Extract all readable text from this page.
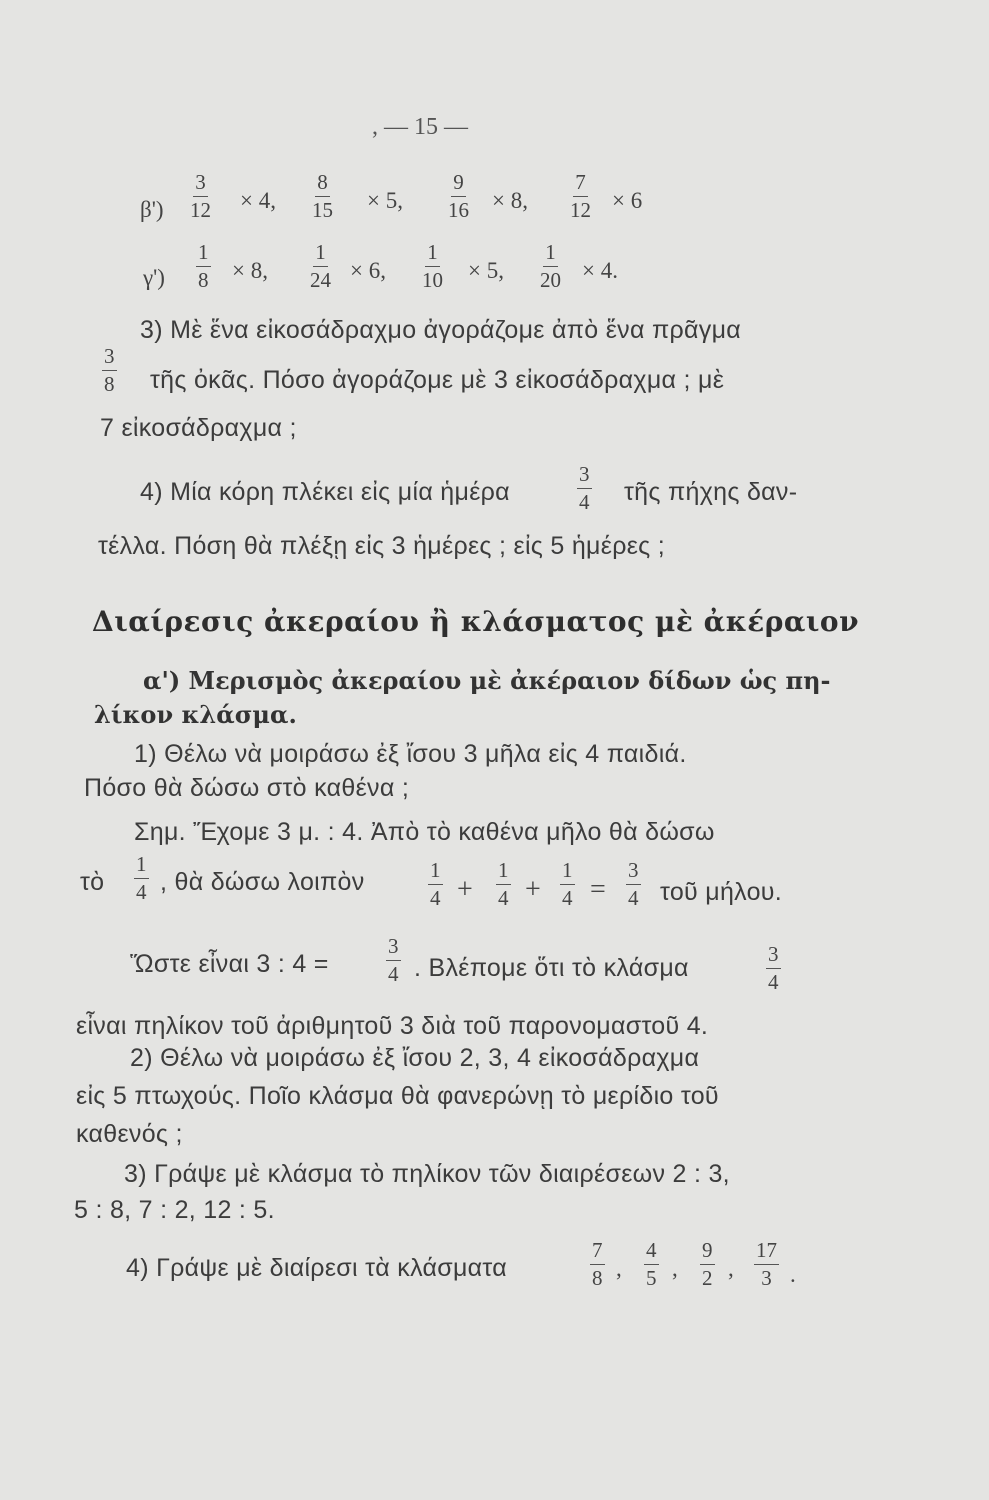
, — 15 —
$\beta') \frac{3}{12} \times 4$, $\frac{8}{15} \times 5$, $\frac{9}{16} \times 8$, $\frac{7}{12} \times 6$
$\gamma') \frac{1}{8} \times 8$, $\frac{1}{24} \times 6$, $\frac{1}{10} \times 5$, $\frac{1}{20} \times 4$.
3) Μὲ ἕνα εἰκοσάδραχμο ἀγοράζομε ἀπὸ ἕνα πρᾶγμα
$\frac{3}{8}$ τῆς ὀκᾶς. Πόσο ἀγοράζομε μὲ 3 εἰκοσάδραχμα ; μὲ
7 εἰκοσάδραχμα ;
4) Μία κόρη πλέκει εἰς μία ἡμέρα	$\frac{3}{4}$ τῆς πήχης δαν-
τέλλα. Πόση θὰ πλέξῃ εἰς 3 ἡμέρες ; εἰς 5 ἡμέρες ;
Διαίρεσις ἀκεραίου ἢ κλάσματος μὲ ἀκέραιον
α') Μερισμὸς ἀκεραίου μὲ ἀκέραιον δίδων ὡς πη-
λίκον κλάσμα.
1) Θέλω νὰ μοιράσω ἐξ ἴσου 3 μῆλα εἰς 4 παιδιά.
Πόσο θὰ δώσω στὸ καθένα ;
Σημ. Ἔχομε 3 μ. : 4. Ἀπὸ τὸ καθένα μῆλο θὰ δώσω
τὸ $\frac{1}{4}$ , θὰ δώσω λοιπὸν	$\frac{1}{4} + \frac{1}{4} + \frac{1}{4} = \frac{3}{4}$ τοῦ μήλου.
Ὥστε εἶναι 3 : 4 =	$\frac{3}{4}$ . Βλέπομε ὅτι τὸ κλάσμα	$\frac{3}{4}$
εἶναι πηλίκον τοῦ ἀριθμητοῦ 3 διὰ τοῦ παρονομαστοῦ 4.
2) Θέλω νὰ μοιράσω ἐξ ἴσου 2, 3, 4 εἰκοσάδραχμα
εἰς 5 πτωχούς. Ποῖο κλάσμα θὰ φανερώνῃ τὸ μερίδιο τοῦ
καθενός ;
3) Γράψε μὲ κλάσμα τὸ πηλίκον τῶν διαιρέσεων 2 : 3,
5 : 8, 7 : 2, 12 : 5.
4) Γράψε μὲ διαίρεσι τὰ κλάσματα	$\frac{7}{8}$ , $\frac{4}{5}$ , $\frac{9}{2}$ , $\frac{17}{3}$ .
